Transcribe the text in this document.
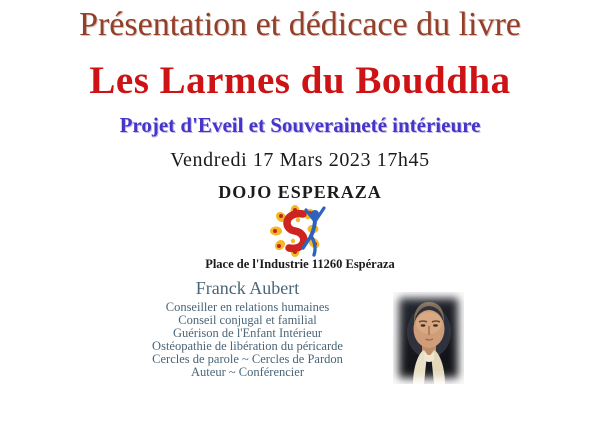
Présentation et dédicace du livre
Les Larmes du Bouddha
Projet d'Eveil et Souveraineté intérieure
Vendredi 17 Mars 2023 17h45
DOJO ESPERAZA
Place de l'Industrie 11260 Espéraza
Franck Aubert
Conseiller en relations humaines
Conseil conjugal et familial
Guérison de l'Enfant Intérieur
Ostéopathie de libération du péricarde
Cercles de parole ~ Cercles de Pardon
Auteur ~ Conférencier
